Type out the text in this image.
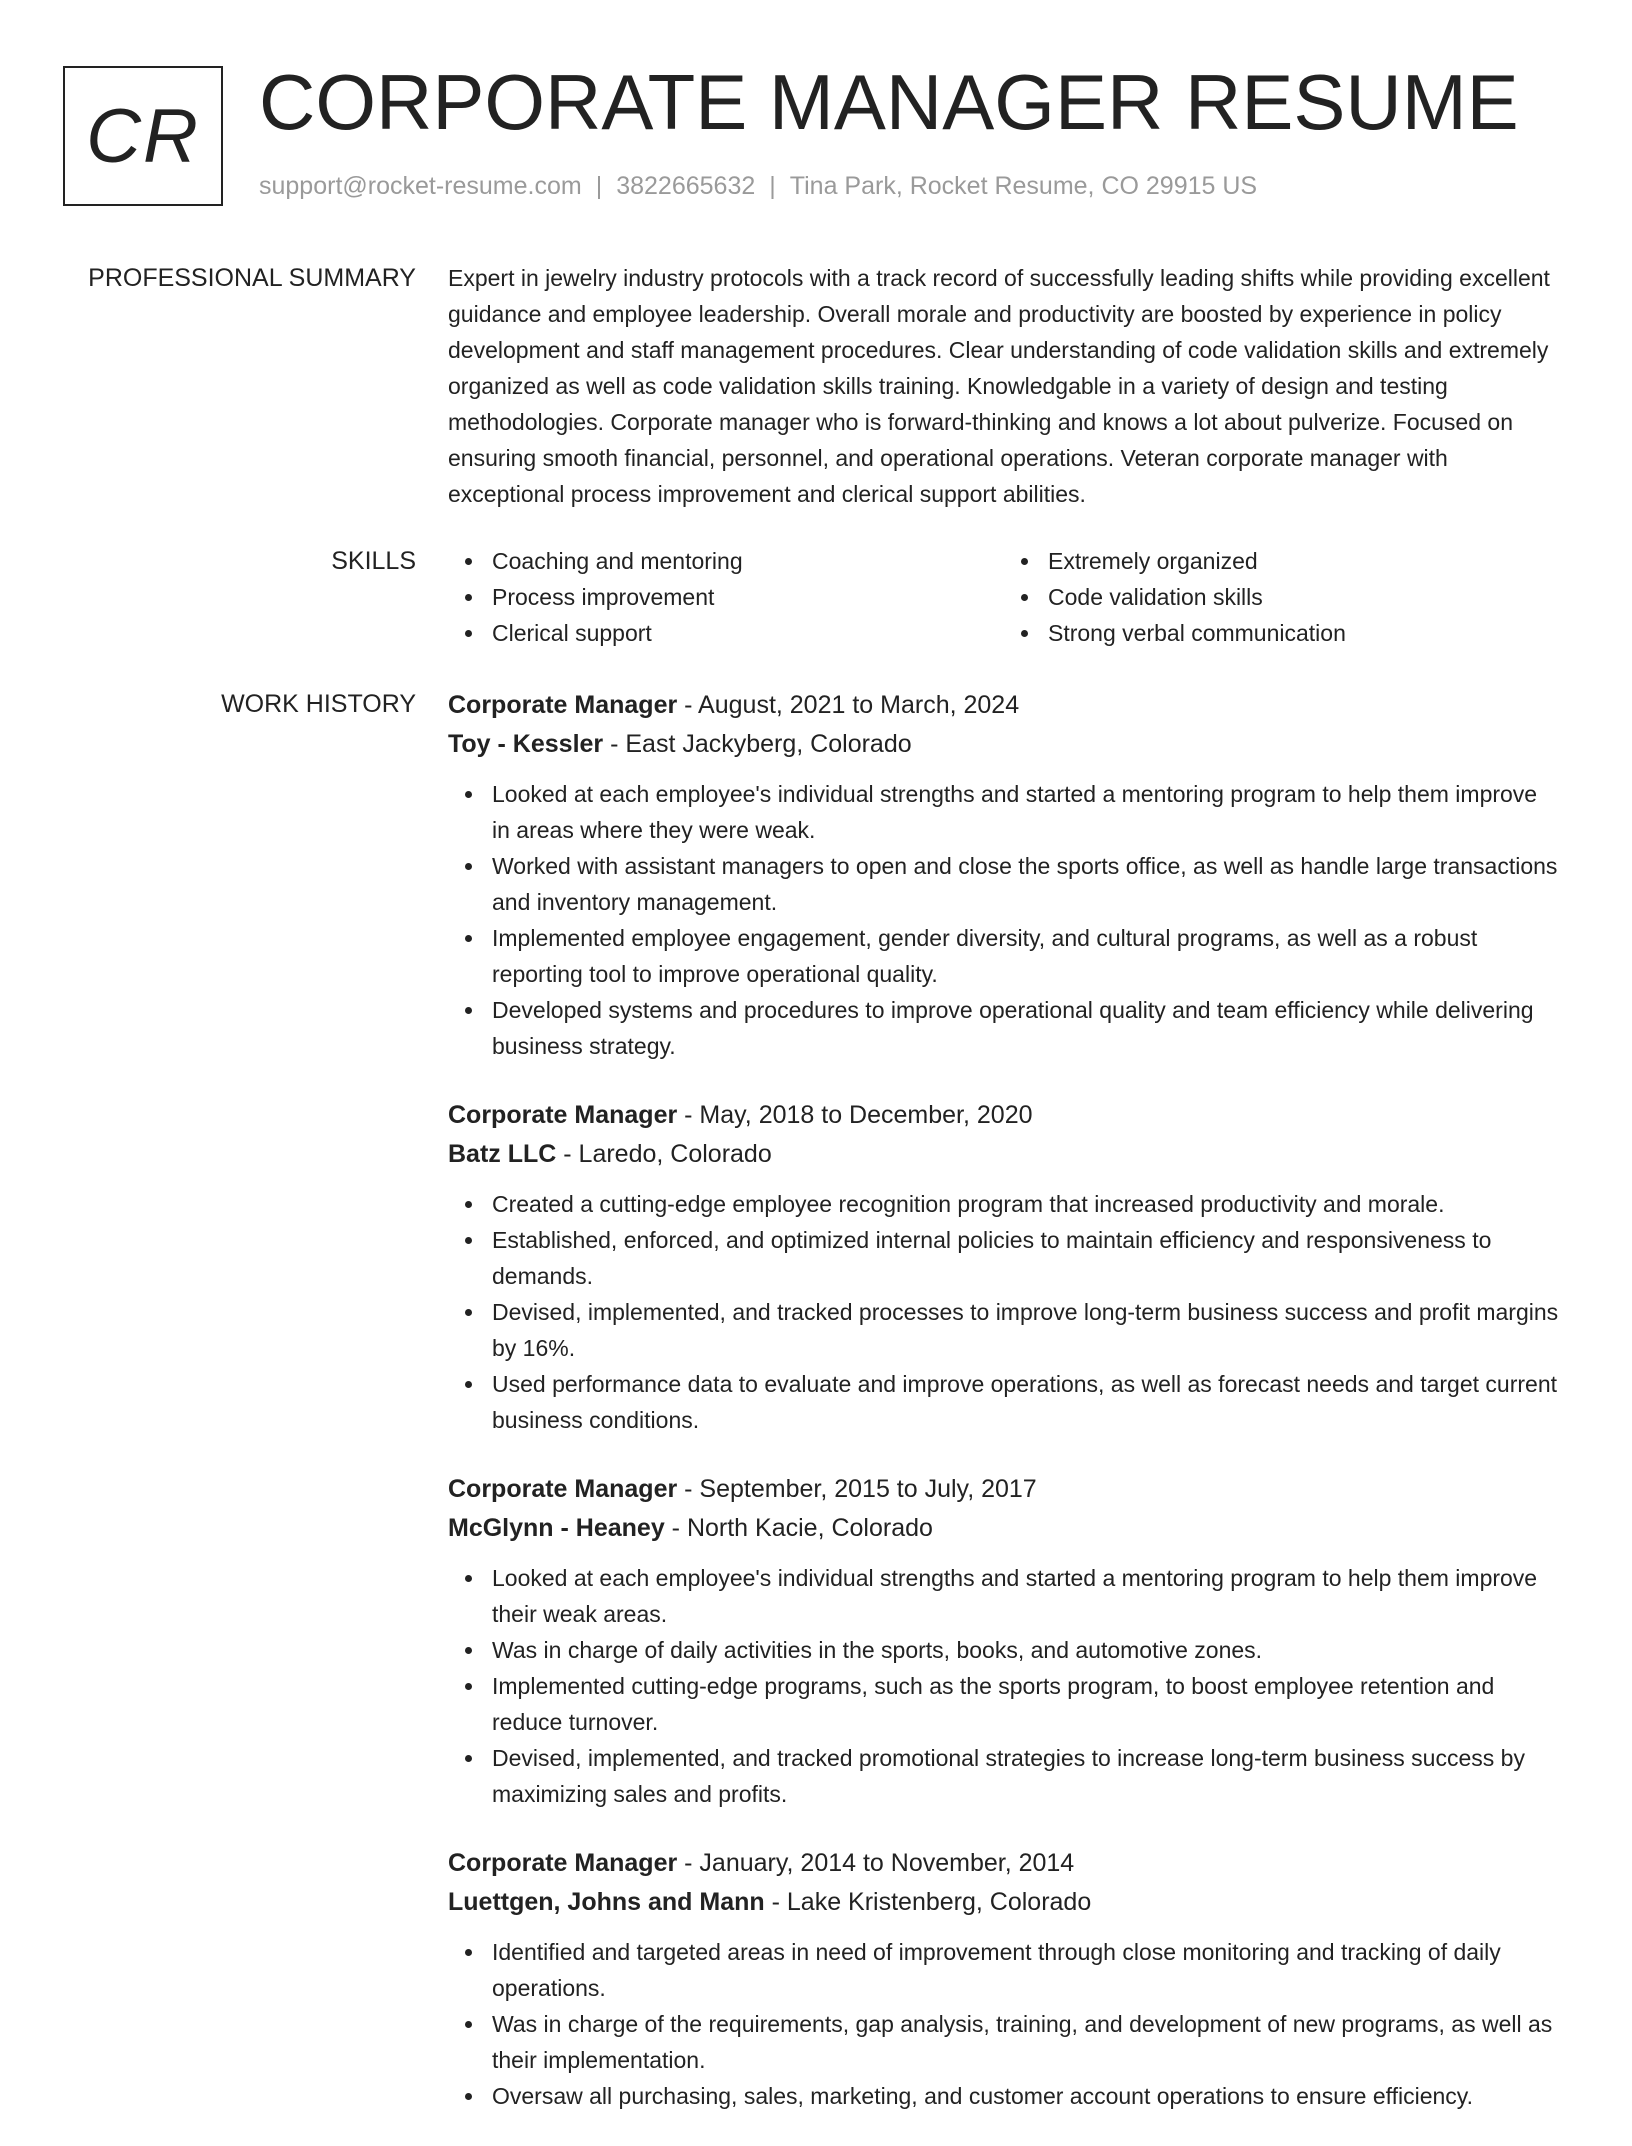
CR CORPORATE MANAGER RESUME
support@rocket-resume.com | 3822665632 | Tina Park, Rocket Resume, CO 29915 US
PROFESSIONAL SUMMARY Expert in jewelry industry protocols with a track record of successfully leading shifts while providing excellent guidance and employee leadership. Overall morale and productivity are boosted by experience in policy development and staff management procedures. Clear understanding of code validation skills and extremely organized as well as code validation skills training. Knowledgable in a variety of design and testing methodologies. Corporate manager who is forward-thinking and knows a lot about pulverize. Focused on ensuring smooth financial, personnel, and operational operations. Veteran corporate manager with exceptional process improvement and clerical support abilities.
SKILLS	Coaching and mentoring
Process improvement
Clerical support
Extremely organized
Code validation skills
Strong verbal communication
WORK HISTORY Corporate Manager - August, 2021 to March, 2024
Toy - Kessler - East Jackyberg, Colorado
Looked at each employee's individual strengths and started a mentoring program to help them improve in areas where they were weak.
Worked with assistant managers to open and close the sports office, as well as handle large transactions and inventory management.
Implemented employee engagement, gender diversity, and cultural programs, as well as a robust reporting tool to improve operational quality.
Developed systems and procedures to improve operational quality and team efficiency while delivering business strategy.
Corporate Manager - May, 2018 to December, 2020
Batz LLC - Laredo, Colorado
Created a cutting-edge employee recognition program that increased productivity and morale.
Established, enforced, and optimized internal policies to maintain efficiency and responsiveness to demands.
Devised, implemented, and tracked processes to improve long-term business success and profit margins by 16%.
Used performance data to evaluate and improve operations, as well as forecast needs and target current business conditions.
Corporate Manager - September, 2015 to July, 2017
McGlynn - Heaney - North Kacie, Colorado
Looked at each employee's individual strengths and started a mentoring program to help them improve their weak areas.
Was in charge of daily activities in the sports, books, and automotive zones.
Implemented cutting-edge programs, such as the sports program, to boost employee retention and reduce turnover.
Devised, implemented, and tracked promotional strategies to increase long-term business success by maximizing sales and profits.
Corporate Manager - January, 2014 to November, 2014
Luettgen, Johns and Mann - Lake Kristenberg, Colorado
Identified and targeted areas in need of improvement through close monitoring and tracking of daily operations.
Was in charge of the requirements, gap analysis, training, and development of new programs, as well as their implementation.
Oversaw all purchasing, sales, marketing, and customer account operations to ensure efficiency.
